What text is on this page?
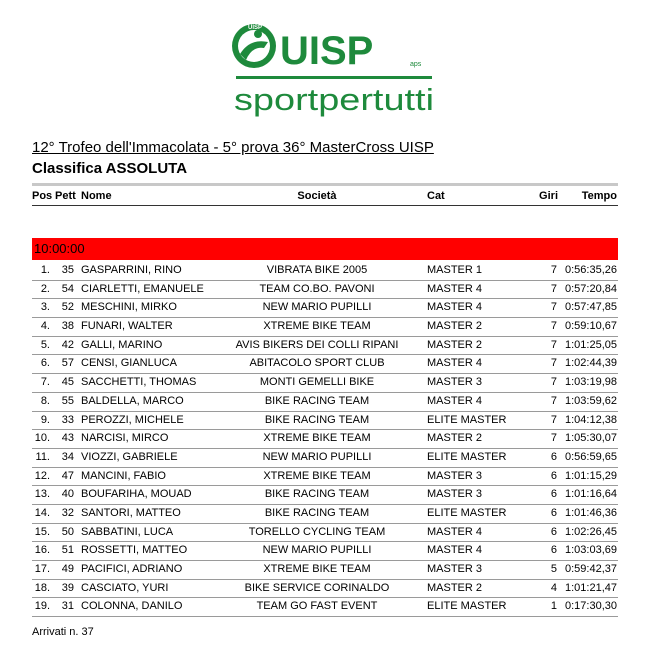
UISP
UISP	aps
sportpertutti
12° Trofeo dell'Immacolata - 5° prova 36° MasterCross UISP
Classifica ASSOLUTA
Pos Pett Nome	Società	Cat	Giri	Tempo
10:00:00
1.	35 GASPARRINI, RINO	VIBRATA BIKE 2005	MASTER 1	7 0:56:35,26
2.	54 CIARLETTI, EMANUELE	TEAM CO.BO. PAVONI	MASTER 4	7 0:57:20,84
3.	52 MESCHINI, MIRKO	NEW MARIO PUPILLI	MASTER 4	7 0:57:47,85
4.	38 FUNARI, WALTER	XTREME BIKE TEAM	MASTER 2	7 0:59:10,67
5.	42 GALLI, MARINO	AVIS BIKERS DEI COLLI RIPANI	MASTER 2	7 1:01:25,05
6.	57 CENSI, GIANLUCA	ABITACOLO SPORT CLUB	MASTER 4	7 1:02:44,39
7.	45 SACCHETTI, THOMAS	MONTI GEMELLI BIKE	MASTER 3	7 1:03:19,98
8.	55 BALDELLA, MARCO	BIKE RACING TEAM	MASTER 4	7 1:03:59,62
9.	33 PEROZZI, MICHELE	BIKE RACING TEAM	ELITE MASTER	7 1:04:12,38
10.	43 NARCISI, MIRCO	XTREME BIKE TEAM	MASTER 2	7 1:05:30,07
11.	34 VIOZZI, GABRIELE	NEW MARIO PUPILLI	ELITE MASTER	6 0:56:59,65
12.	47 MANCINI, FABIO	XTREME BIKE TEAM	MASTER 3	6 1:01:15,29
13.	40 BOUFARIHA, MOUAD	BIKE RACING TEAM	MASTER 3	6 1:01:16,64
14.	32 SANTORI, MATTEO	BIKE RACING TEAM	ELITE MASTER	6 1:01:46,36
15.	50 SABBATINI, LUCA	TORELLO CYCLING TEAM	MASTER 4	6 1:02:26,45
16.	51 ROSSETTI, MATTEO	NEW MARIO PUPILLI	MASTER 4	6 1:03:03,69
17.	49 PACIFICI, ADRIANO	XTREME BIKE TEAM	MASTER 3	5 0:59:42,37
18.	39 CASCIATO, YURI	BIKE SERVICE CORINALDO	MASTER 2	4 1:01:21,47
19.	31 COLONNA, DANILO	TEAM GO FAST EVENT	ELITE MASTER	1 0:17:30,30
Arrivati n. 37
